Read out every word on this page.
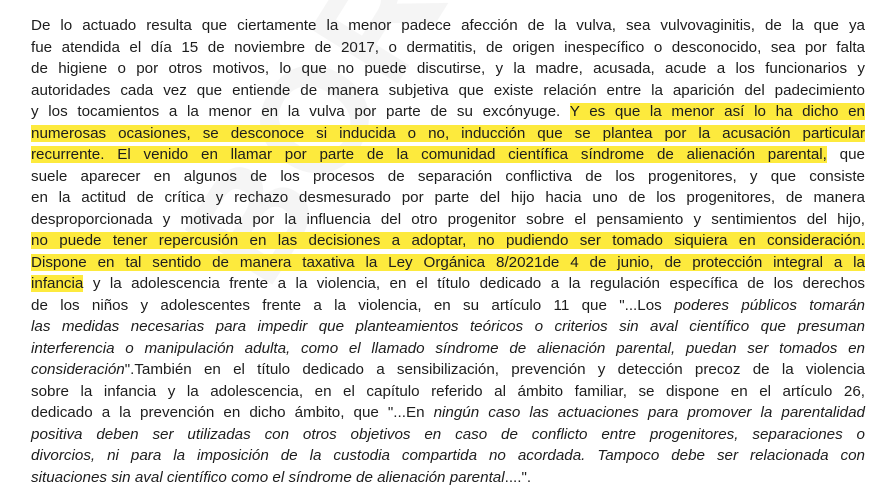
De lo actuado resulta que ciertamente la menor padece afección de la vulva, sea vulvovaginitis, de la que ya
fue atendida el día 15 de noviembre de 2017, o dermatitis, de origen inespecífico o desconocido, sea por falta
de higiene o por otros motivos, lo que no puede discutirse, y la madre, acusada, acude a los funcionarios y
autoridades cada vez que entiende de manera subjetiva que existe relación entre la aparición del padecimiento
y los tocamientos a la menor en la vulva por parte de su excónyuge. Y es que la menor así lo ha dicho en
numerosas ocasiones, se desconoce si inducida o no, inducción que se plantea por la acusación particular
recurrente. El venido en llamar por parte de la comunidad científica síndrome de alienación parental, que
suele aparecer en algunos de los procesos de separación conflictiva de los progenitores, y que consiste
en la actitud de crítica y rechazo desmesurado por parte del hijo hacia uno de los progenitores, de manera
desproporcionada y motivada por la influencia del otro progenitor sobre el pensamiento y sentimientos del hijo,
no puede tener repercusión en las decisiones a adoptar, no pudiendo ser tomado siquiera en consideración.
Dispone en tal sentido de manera taxativa la Ley Orgánica 8/2021de 4 de junio, de protección integral a la
infancia y la adolescencia frente a la violencia, en el título dedicado a la regulación específica de los derechos
de los niños y adolescentes frente a la violencia, en su artículo 11 que "...Los poderes públicos tomarán
las medidas necesarias para impedir que planteamientos teóricos o criterios sin aval científico que presuman
interferencia o manipulación adulta, como el llamado síndrome de alienación parental, puedan ser tomados en
consideración".También en el título dedicado a sensibilización, prevención y detección precoz de la violencia
sobre la infancia y la adolescencia, en el capítulo referido al ámbito familiar, se dispone en el artículo 26,
dedicado a la prevención en dicho ámbito, que "...En ningún caso las actuaciones para promover la parentalidad
positiva deben ser utilizadas con otros objetivos en caso de conflicto entre progenitores, separaciones o
divorcios, ni para la imposición de la custodia compartida no acordada. Tampoco debe ser relacionada con
situaciones sin aval científico como el síndrome de alienación parental....".
